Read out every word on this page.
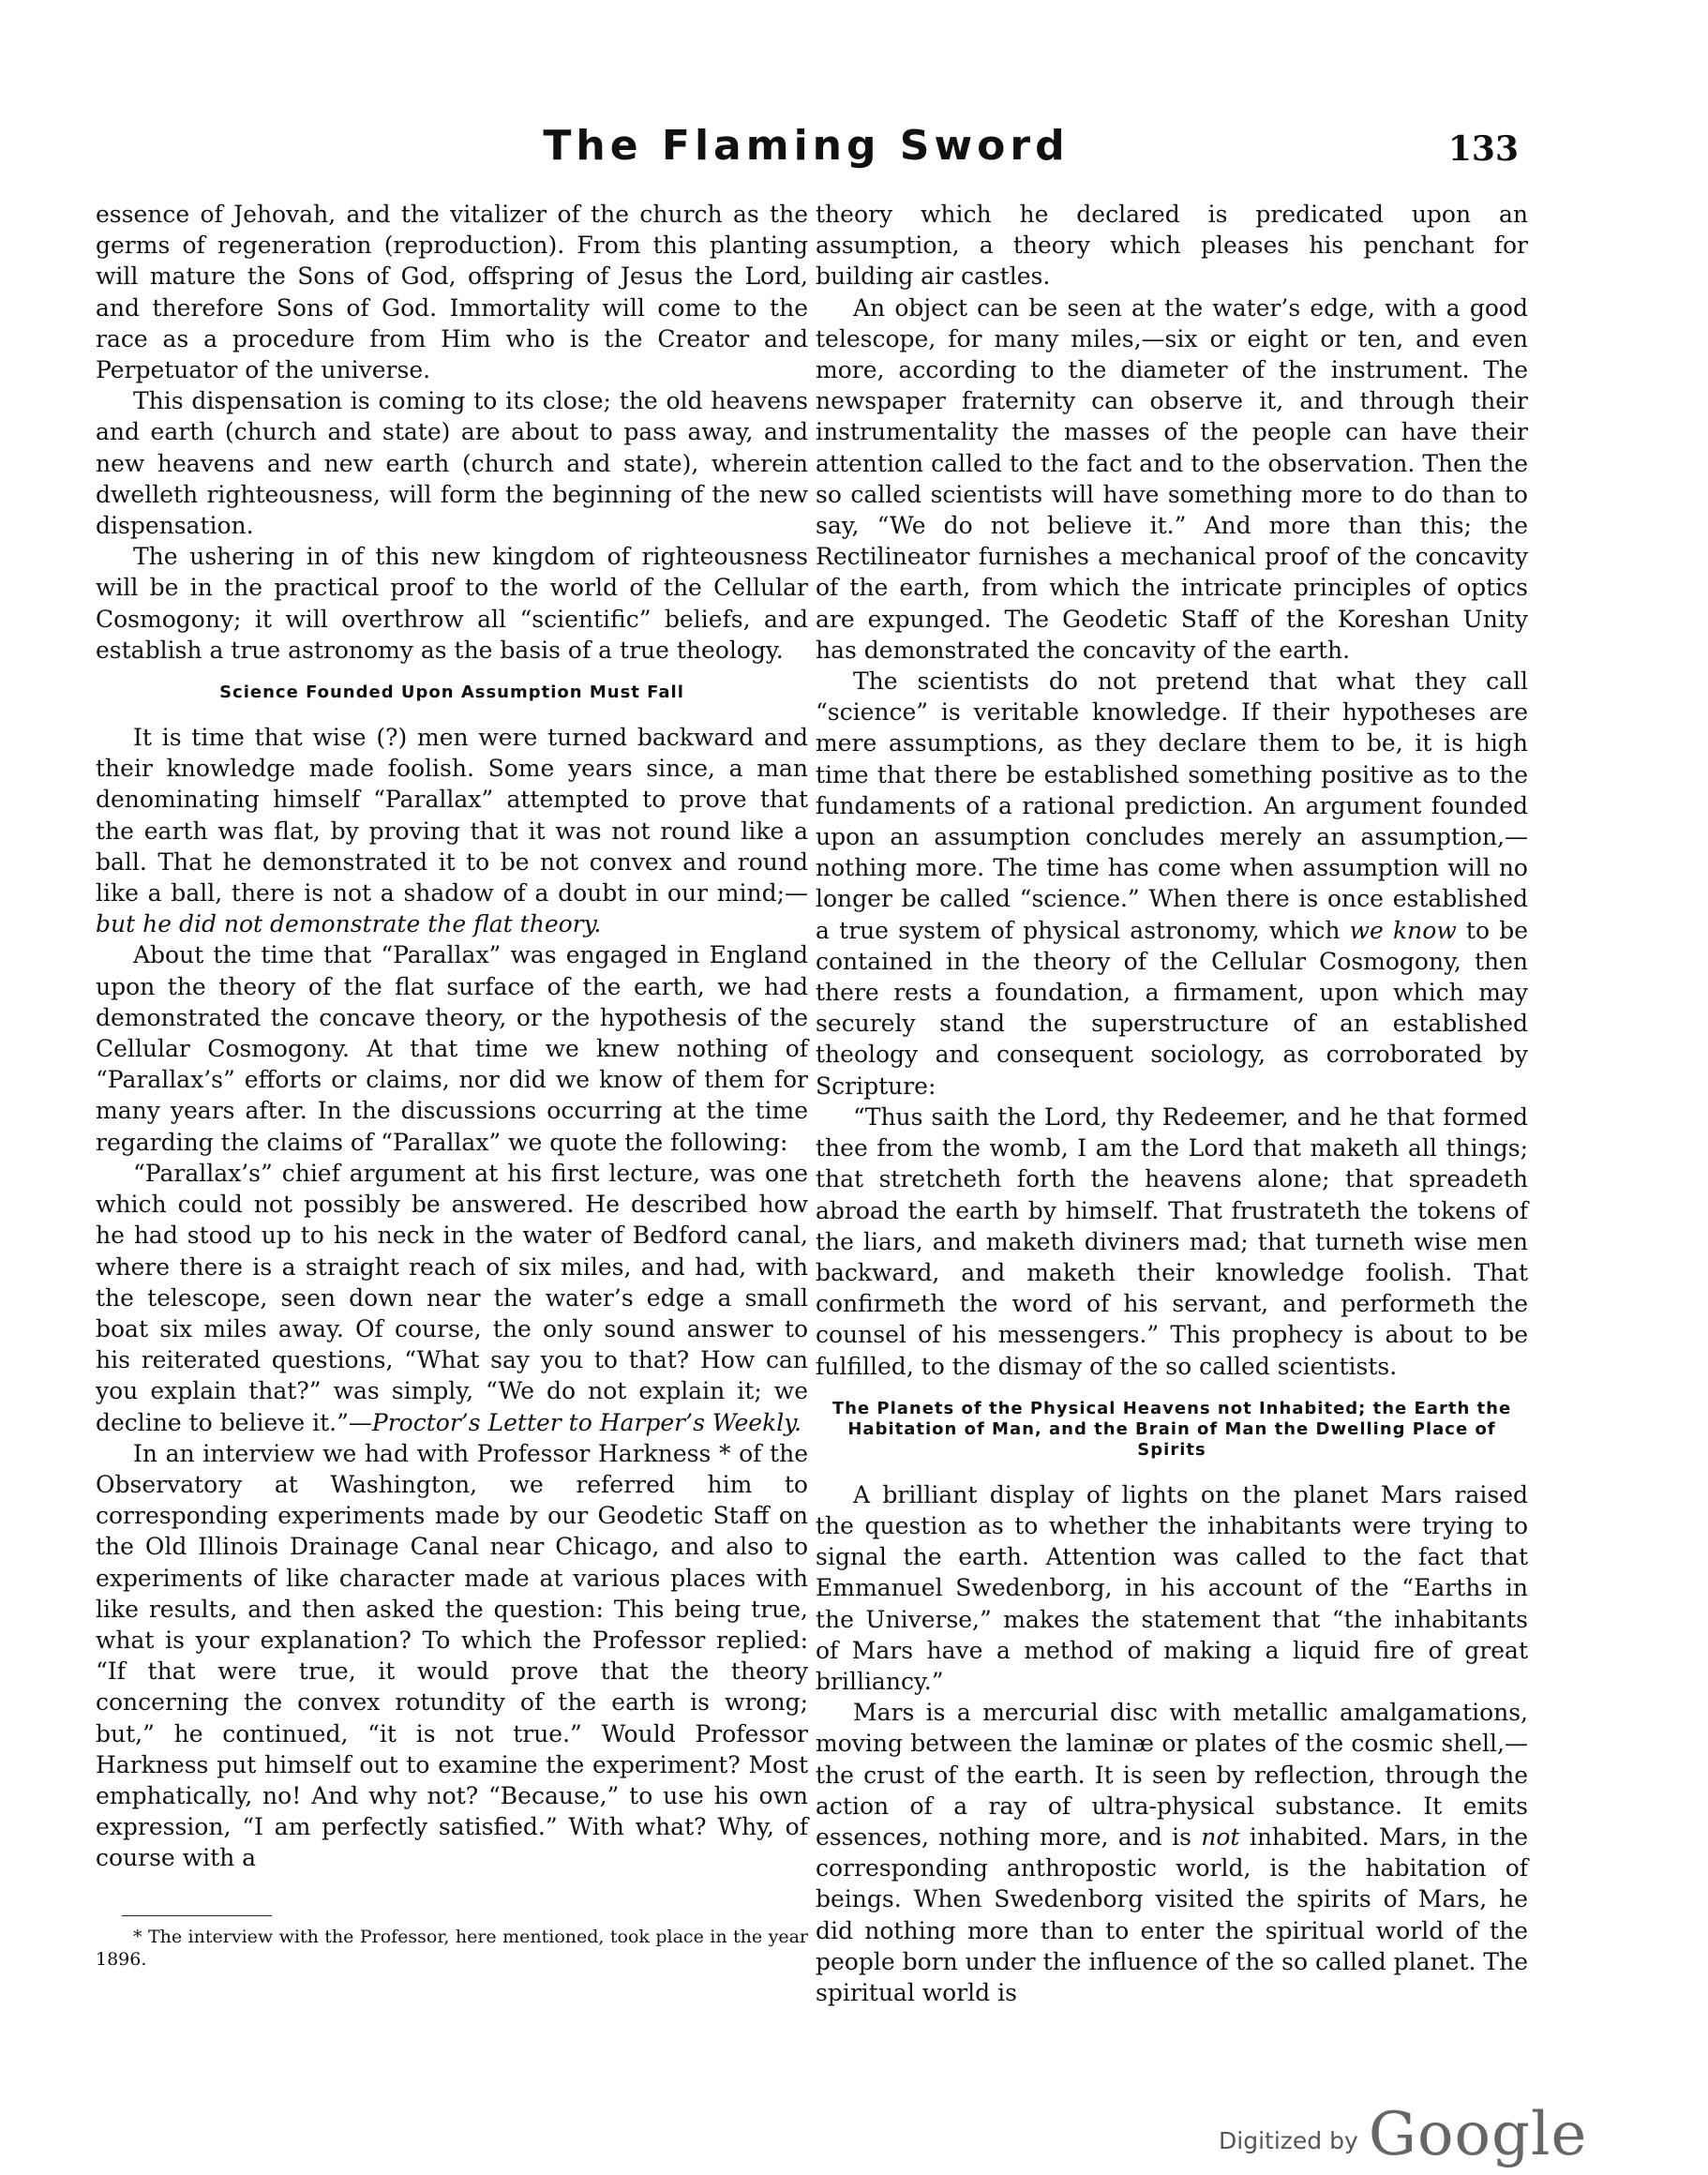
The Flaming Sword	133

essence of Jehovah, and the vitalizer of the church as the germs of regeneration (reproduction). From this planting will mature the Sons of God, offspring of Jesus the Lord, and therefore Sons of God. Immortality will come to the race as a procedure from Him who is the Creator and Perpetuator of the universe.

This dispensation is coming to its close; the old heavens and earth (church and state) are about to pass away, and new heavens and new earth (church and state), wherein dwelleth righteousness, will form the beginning of the new dispensation.

The ushering in of this new kingdom of righteousness will be in the practical proof to the world of the Cellular Cosmogony; it will overthrow all “scientific” beliefs, and establish a true astronomy as the basis of a true theology.

Science Founded Upon Assumption Must Fall

It is time that wise (?) men were turned backward and their knowledge made foolish. Some years since, a man denominating himself “Parallax” attempted to prove that the earth was flat, by proving that it was not round like a ball. That he demonstrated it to be not convex and round like a ball, there is not a shadow of a doubt in our mind;—but he did not demonstrate the flat theory.

About the time that “Parallax” was engaged in England upon the theory of the flat surface of the earth, we had demonstrated the concave theory, or the hypothesis of the Cellular Cosmogony. At that time we knew nothing of “Parallax’s” efforts or claims, nor did we know of them for many years after. In the discussions occurring at the time regarding the claims of “Parallax” we quote the following:

“Parallax’s” chief argument at his first lecture, was one which could not possibly be answered. He described how he had stood up to his neck in the water of Bedford canal, where there is a straight reach of six miles, and had, with the telescope, seen down near the water’s edge a small boat six miles away. Of course, the only sound answer to his reiterated questions, “What say you to that? How can you explain that?” was simply, “We do not explain it; we decline to believe it.”—Proctor’s Letter to Harper’s Weekly.

In an interview we had with Professor Harkness * of the Observatory at Washington, we referred him to corresponding experiments made by our Geodetic Staff on the Old Illinois Drainage Canal near Chicago, and also to experiments of like character made at various places with like results, and then asked the question: This being true, what is your explanation? To which the Professor replied: “If that were true, it would prove that the theory concerning the convex rotundity of the earth is wrong; but,” he continued, “it is not true.” Would Professor Harkness put himself out to examine the experiment? Most emphatically, no! And why not? “Because,” to use his own expression, “I am perfectly satisfied.” With what? Why, of course with a

* The interview with the Professor, here mentioned, took place in the year 1896.

theory which he declared is predicated upon an assumption, a theory which pleases his penchant for building air castles.

An object can be seen at the water’s edge, with a good telescope, for many miles,—six or eight or ten, and even more, according to the diameter of the instrument. The newspaper fraternity can observe it, and through their instrumentality the masses of the people can have their attention called to the fact and to the observation. Then the so called scientists will have something more to do than to say, “We do not believe it.” And more than this; the Rectilineator furnishes a mechanical proof of the concavity of the earth, from which the intricate principles of optics are expunged. The Geodetic Staff of the Koreshan Unity has demonstrated the concavity of the earth.

The scientists do not pretend that what they call “science” is veritable knowledge. If their hypotheses are mere assumptions, as they declare them to be, it is high time that there be established something positive as to the fundaments of a rational prediction. An argument founded upon an assumption concludes merely an assumption,—nothing more. The time has come when assumption will no longer be called “science.” When there is once established a true system of physical astronomy, which we know to be contained in the theory of the Cellular Cosmogony, then there rests a foundation, a firmament, upon which may securely stand the superstructure of an established theology and consequent sociology, as corroborated by Scripture:

“Thus saith the Lord, thy Redeemer, and he that formed thee from the womb, I am the Lord that maketh all things; that stretcheth forth the heavens alone; that spreadeth abroad the earth by himself. That frustrateth the tokens of the liars, and maketh diviners mad; that turneth wise men backward, and maketh their knowledge foolish. That confirmeth the word of his servant, and performeth the counsel of his messengers.” This prophecy is about to be fulfilled, to the dismay of the so called scientists.

The Planets of the Physical Heavens not Inhabited; the Earth the Habitation of Man, and the Brain of Man the Dwelling Place of Spirits

A brilliant display of lights on the planet Mars raised the question as to whether the inhabitants were trying to signal the earth. Attention was called to the fact that Emmanuel Swedenborg, in his account of the “Earths in the Universe,” makes the statement that “the inhabitants of Mars have a method of making a liquid fire of great brilliancy.”

Mars is a mercurial disc with metallic amalgamations, moving between the laminæ or plates of the cosmic shell,—the crust of the earth. It is seen by reflection, through the action of a ray of ultra-physical substance. It emits essences, nothing more, and is not inhabited. Mars, in the corresponding anthropostic world, is the habitation of beings. When Swedenborg visited the spirits of Mars, he did nothing more than to enter the spiritual world of the people born under the influence of the so called planet. The spiritual world is

Digitized by Google
